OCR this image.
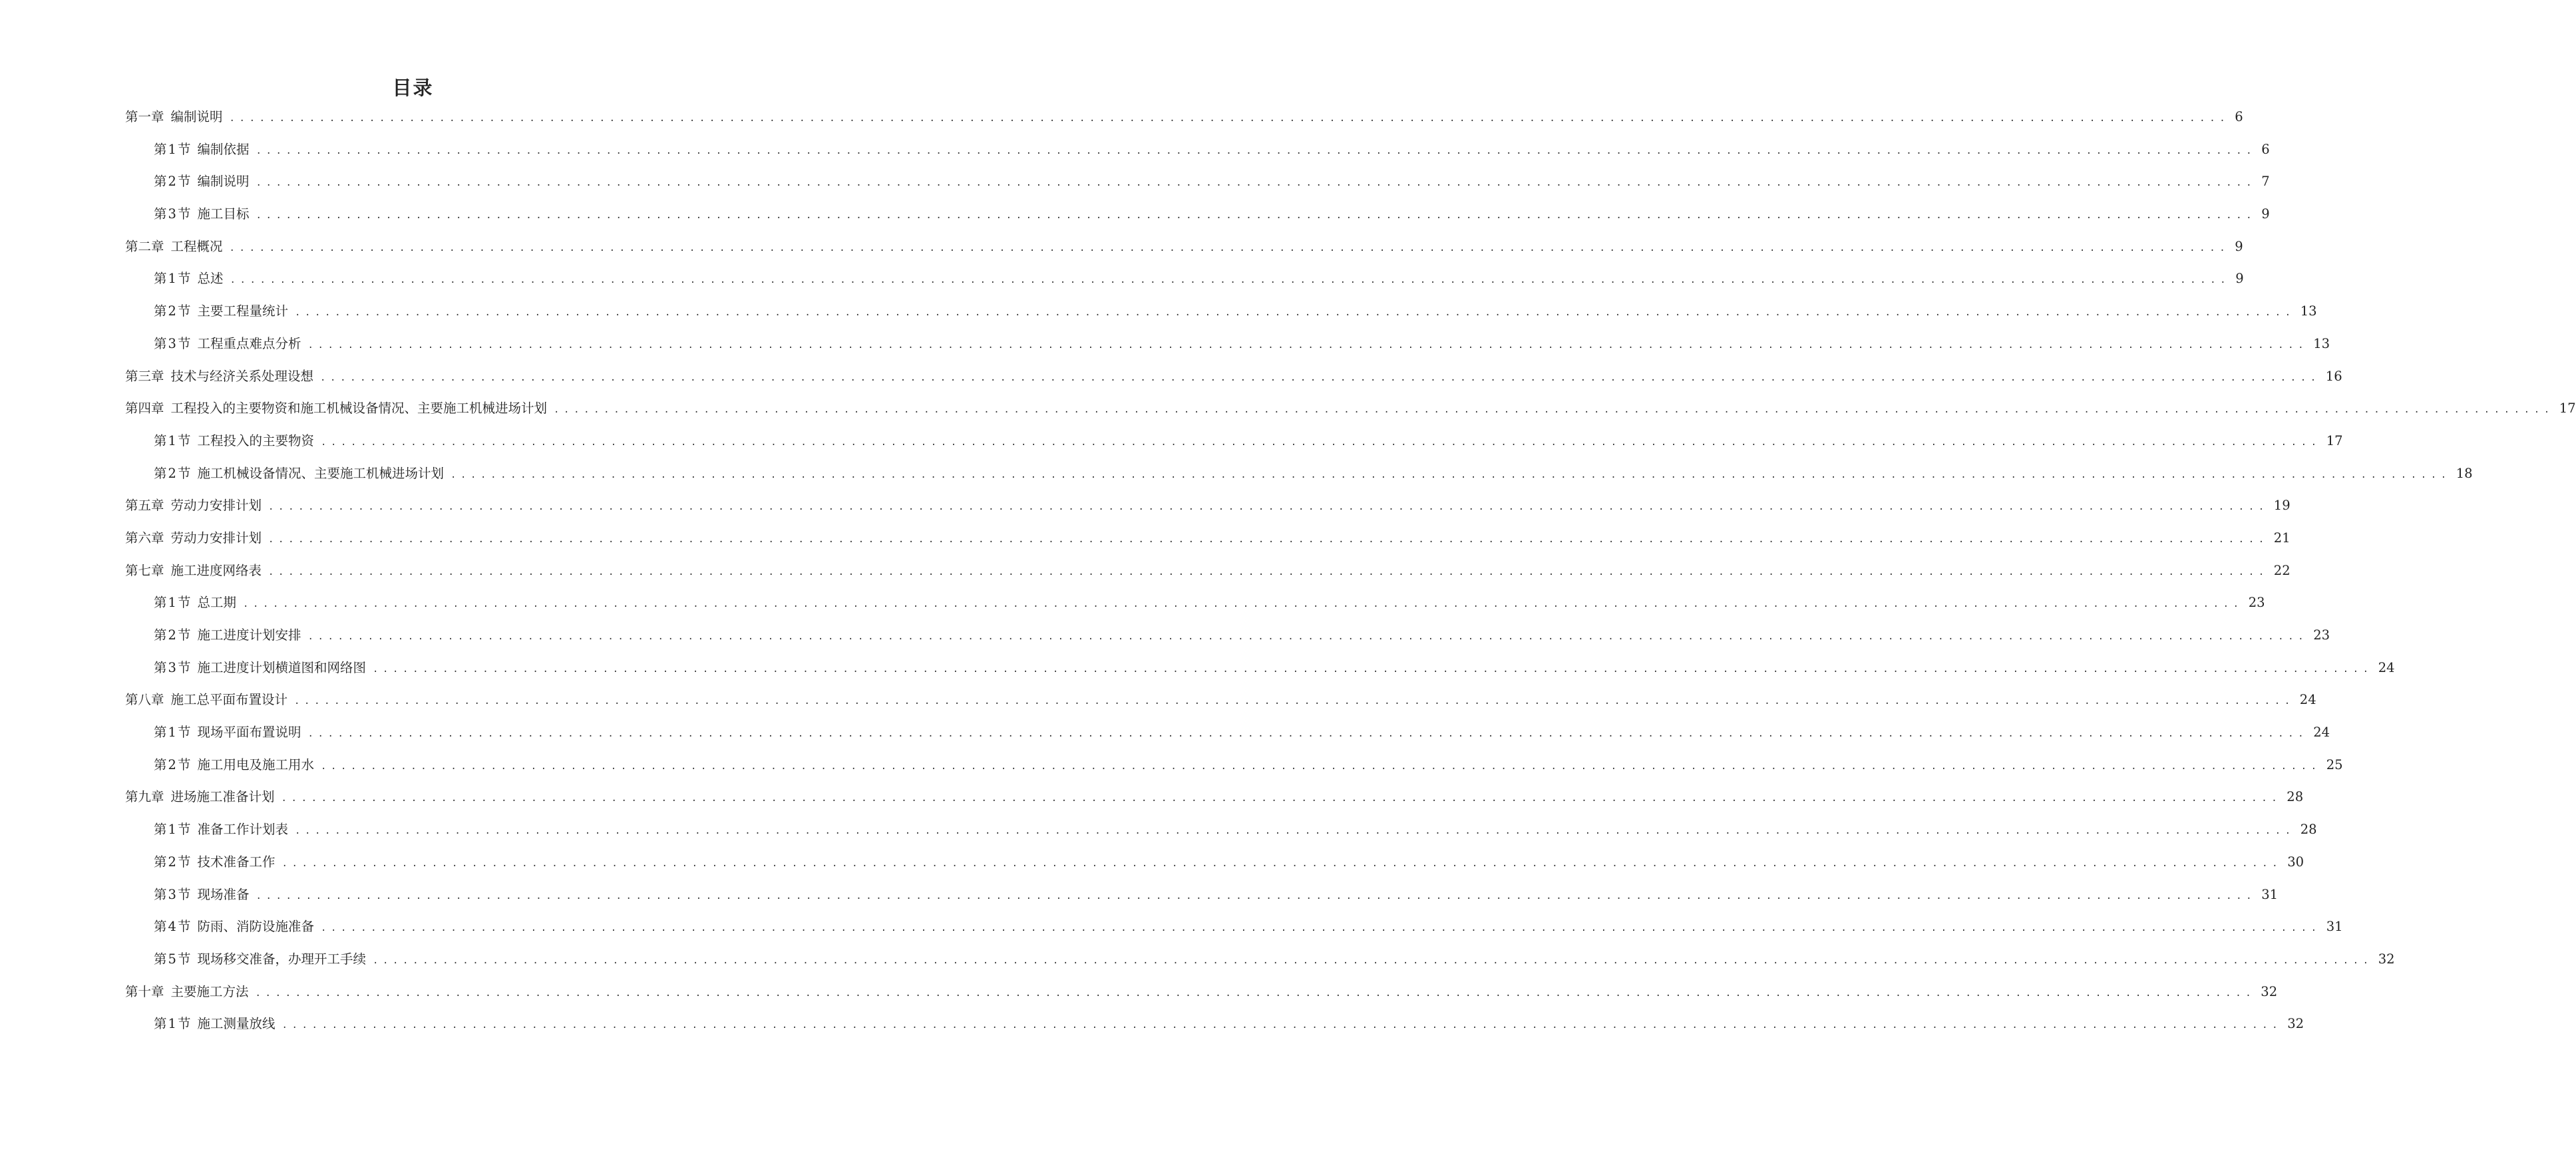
目录
第一章 编制说明 ........................................................................................................................................................................................................ 6
第 1 节 编制依据 ........................................................................................................................................................................................................ 6
第 2 节 编制说明 ........................................................................................................................................................................................................ 7
第 3 节 施工目标 ........................................................................................................................................................................................................ 9
第二章 工程概况 ........................................................................................................................................................................................................ 9
第 1 节 总述 ........................................................................................................................................................................................................ 9
第 2 节 主要工程量统计 ........................................................................................................................................................................................................ 13
第 3 节 工程重点难点分析 ........................................................................................................................................................................................................ 13
第三章 技术与经济关系处理设想 ........................................................................................................................................................................................................ 16
第四章 工程投入的主要物资和施工机械设备情况、主要施工机械进场计划 ........................................................................................................................................................................................................ 17
第 1 节 工程投入的主要物资 ........................................................................................................................................................................................................ 17
第 2 节 施工机械设备情况、主要施工机械进场计划 ........................................................................................................................................................................................................ 18
第五章 劳动力安排计划 ........................................................................................................................................................................................................ 19
第六章 劳动力安排计划 ........................................................................................................................................................................................................ 21
第七章 施工进度网络表 ........................................................................................................................................................................................................ 22
第 1 节 总工期 ........................................................................................................................................................................................................ 23
第 2 节 施工进度计划安排 ........................................................................................................................................................................................................ 23
第 3 节 施工进度计划横道图和网络图 ........................................................................................................................................................................................................ 24
第八章 施工总平面布置设计 ........................................................................................................................................................................................................ 24
第 1 节 现场平面布置说明 ........................................................................................................................................................................................................ 24
第 2 节 施工用电及施工用水 ........................................................................................................................................................................................................ 25
第九章 进场施工准备计划 ........................................................................................................................................................................................................ 28
第 1 节 准备工作计划表 ........................................................................................................................................................................................................ 28
第 2 节 技术准备工作 ........................................................................................................................................................................................................ 30
第 3 节 现场准备 ........................................................................................................................................................................................................ 31
第 4 节 防雨、消防设施准备 ........................................................................................................................................................................................................ 31
第 5 节 现场移交准备，办理开工手续 ........................................................................................................................................................................................................ 32
第十章 主要施工方法 ........................................................................................................................................................................................................ 32
第 1 节 施工测量放线 ........................................................................................................................................................................................................ 32
